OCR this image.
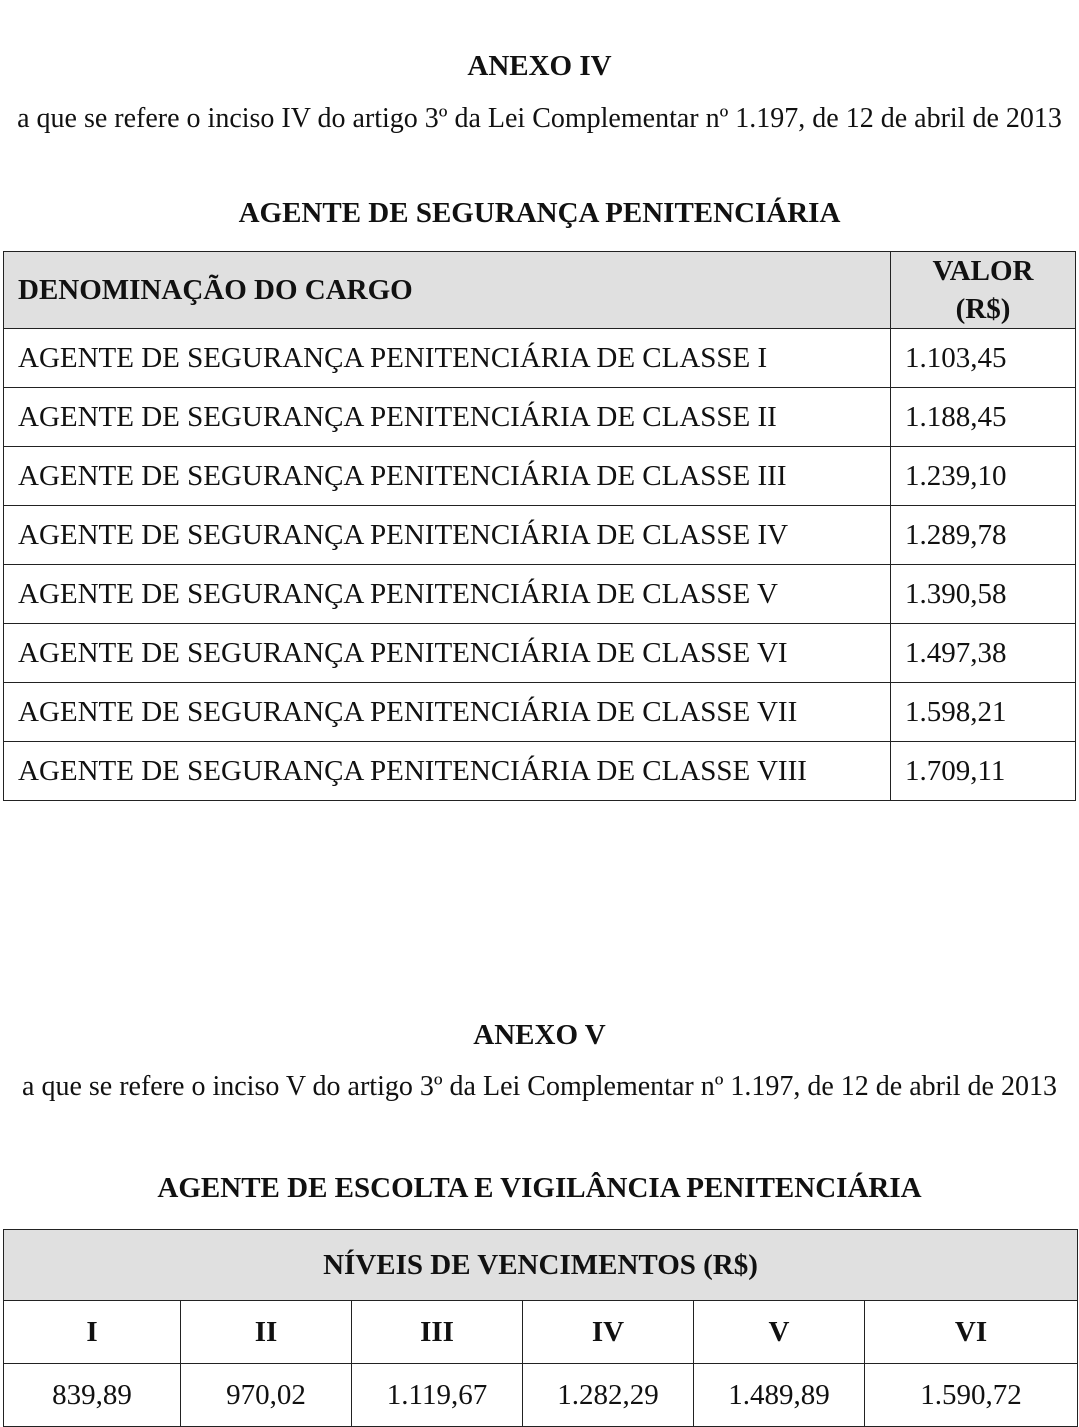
ANEXO IV
a que se refere o inciso IV do artigo 3º da Lei Complementar nº 1.197, de 12 de abril de 2013
AGENTE DE SEGURANÇA PENITENCIÁRIA
DENOMINAÇÃO DO CARGO	VALOR
(R$)
AGENTE DE SEGURANÇA PENITENCIÁRIA DE CLASSE I	1.103,45
AGENTE DE SEGURANÇA PENITENCIÁRIA DE CLASSE II	1.188,45
AGENTE DE SEGURANÇA PENITENCIÁRIA DE CLASSE III	1.239,10
AGENTE DE SEGURANÇA PENITENCIÁRIA DE CLASSE IV	1.289,78
AGENTE DE SEGURANÇA PENITENCIÁRIA DE CLASSE V	1.390,58
AGENTE DE SEGURANÇA PENITENCIÁRIA DE CLASSE VI	1.497,38
AGENTE DE SEGURANÇA PENITENCIÁRIA DE CLASSE VII	1.598,21
AGENTE DE SEGURANÇA PENITENCIÁRIA DE CLASSE VIII	1.709,11
ANEXO V
a que se refere o inciso V do artigo 3º da Lei Complementar nº 1.197, de 12 de abril de 2013
AGENTE DE ESCOLTA E VIGILÂNCIA PENITENCIÁRIA
NÍVEIS DE VENCIMENTOS (R$)					
I	II	III	IV	V	VI
839,89	970,02	1.119,67	1.282,29	1.489,89	1.590,72
